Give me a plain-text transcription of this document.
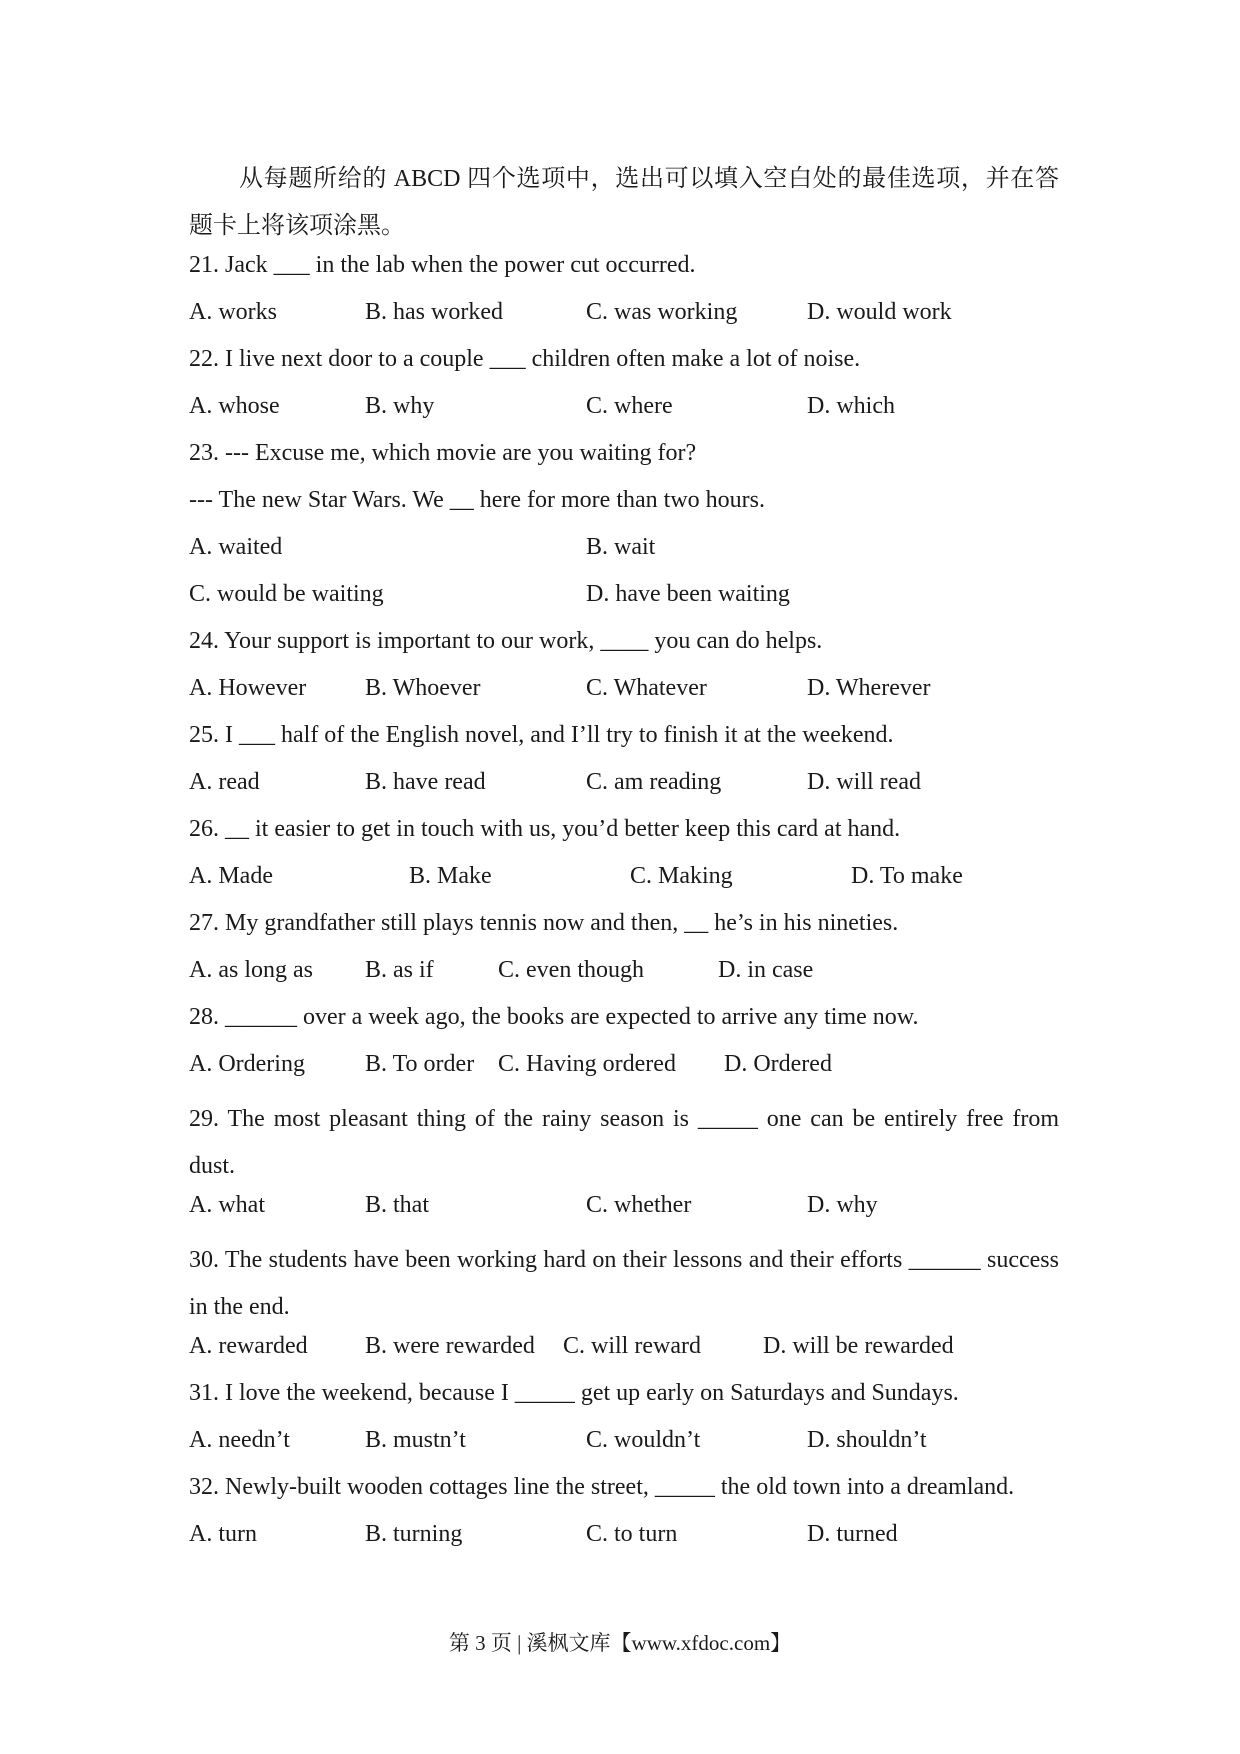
从每题所给的 ABCD 四个选项中，选出可以填入空白处的最佳选项，并在答题卡上将该项涂黑。
21. Jack ___ in the lab when the power cut occurred.
A. works	B. has worked	C. was working	D. would work
22. I live next door to a couple ___ children often make a lot of noise.
A. whose	B. why	C. where	D. which
23. --- Excuse me, which movie are you waiting for?
--- The new Star Wars. We __ here for more than two hours.
A. waited	B. wait
C. would be waiting	D. have been waiting
24. Your support is important to our work, ____ you can do helps.
A. However B. Whoever	C. Whatever	D. Wherever
25. I ___ half of the English novel, and I’ll try to finish it at the weekend.
A. read	B. have read	C. am reading	D. will read
26. __ it easier to get in touch with us, you’d better keep this card at hand.
A. Made	B. Make	C. Making	D. To make
27. My grandfather still plays tennis now and then, __ he’s in his nineties.
A. as long as B. as if	C. even though	D. in case
28. ______ over a week ago, the books are expected to arrive any time now.
A. Ordering	B. To order C. Having ordered D. Ordered
29. The most pleasant thing of the rainy season is _____ one can be entirely free from dust.
A. what	B. that	C. whether	D. why
30. The students have been working hard on their lessons and their efforts ______ success in the end.
A. rewarded B. were rewarded C. will reward	D. will be rewarded
31. I love the weekend, because I _____ get up early on Saturdays and Sundays.
A. needn’t	B. mustn’t	C. wouldn’t	D. shouldn’t
32. Newly-built wooden cottages line the street, _____ the old town into a dreamland.
A. turn	B. turning	C. to turn	D. turned
第 3 页 | 溪枫文库【www.xfdoc.com】
